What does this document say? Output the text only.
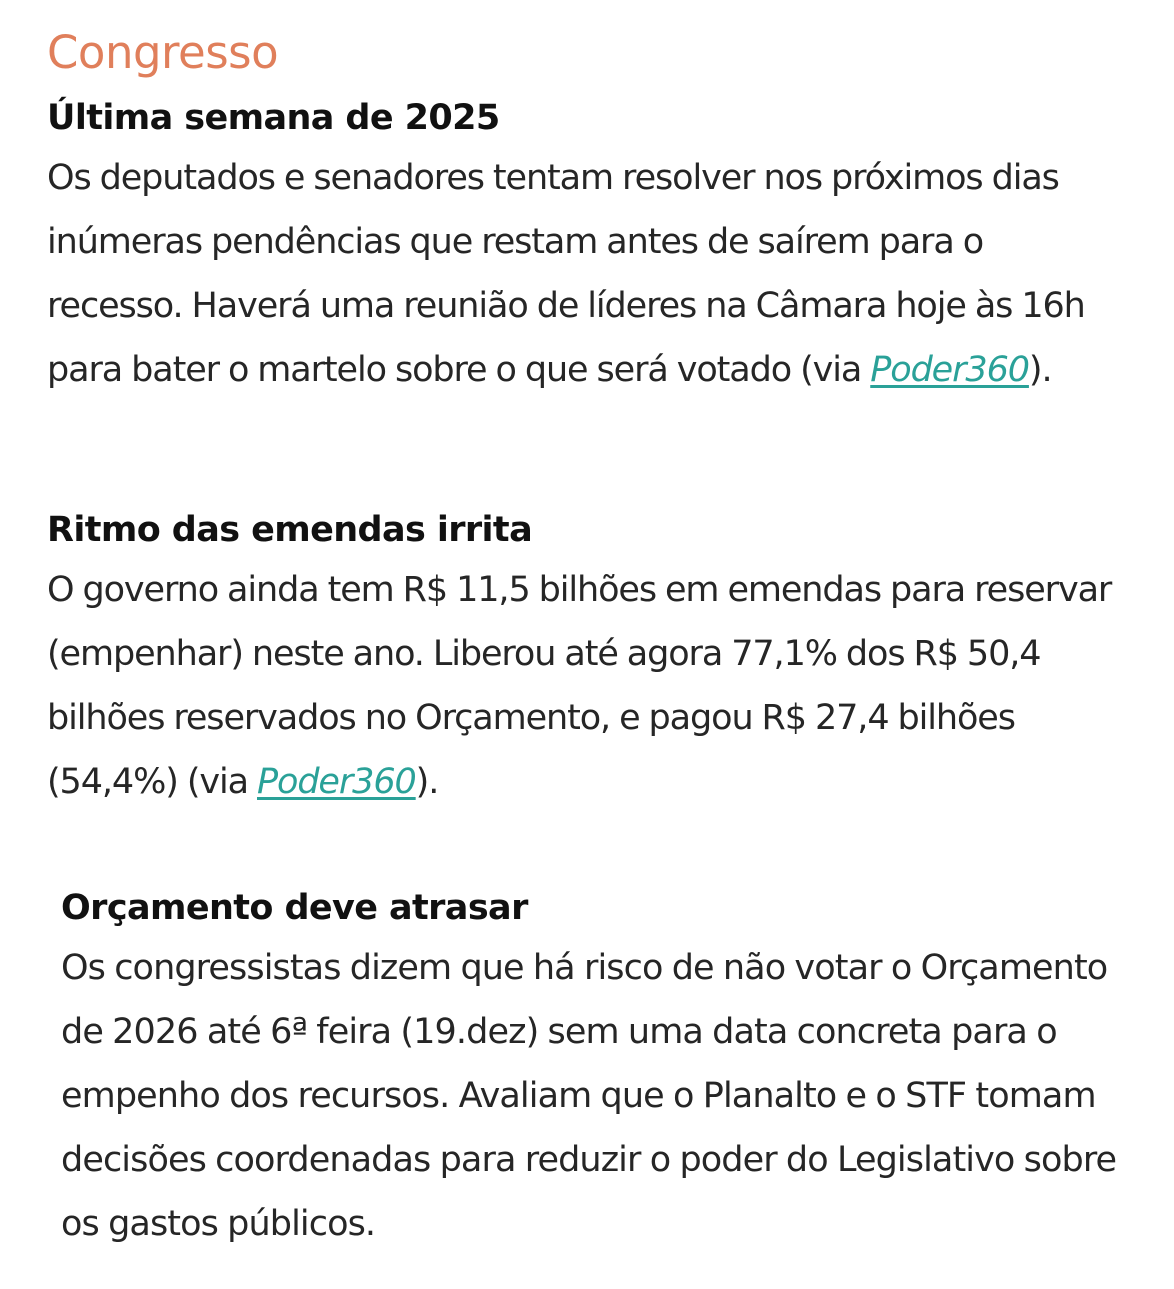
Congresso
Última semana de 2025

Os deputados e senadores tentam resolver nos próximos dias inúmeras pendências que restam antes de saírem para o recesso. Haverá uma reunião de líderes na Câmara hoje às 16h para bater o martelo sobre o que será votado (via Poder360).

Ritmo das emendas irrita

O governo ainda tem R$ 11,5 bilhões em emendas para reservar (empenhar) neste ano. Liberou até agora 77,1% dos R$ 50,4 bilhões reservados no Orçamento, e pagou R$ 27,4 bilhões (54,4%) (via Poder360).

Orçamento deve atrasar

Os congressistas dizem que há risco de não votar o Orçamento de 2026 até 6ª feira (19.dez) sem uma data concreta para o empenho dos recursos. Avaliam que o Planalto e o STF tomam decisões coordenadas para reduzir o poder do Legislativo sobre os gastos públicos.
